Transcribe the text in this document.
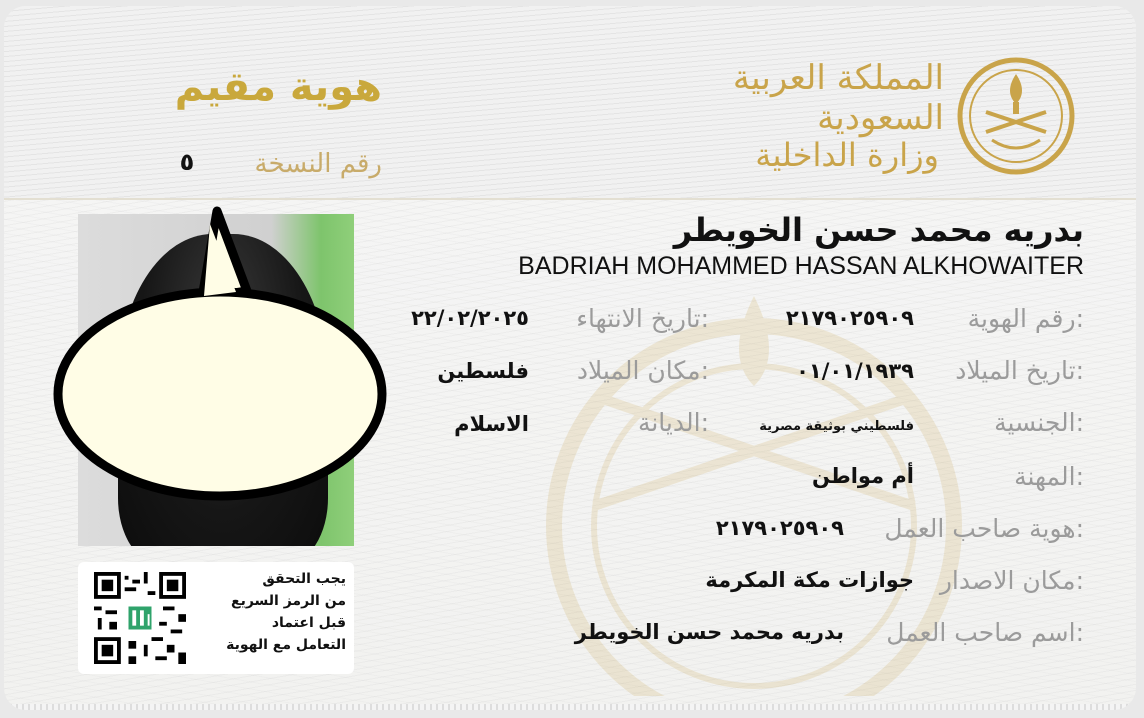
هوية مقيم
رقم النسخة
٥
المملكة العربية السعودية
وزارة الداخلية
بدريه محمد حسن الخويطر
BADRIAH MOHAMMED HASSAN ALKHOWAITER
رقم الهوية:
٢١٧٩٠٢٥٩٠٩
تاريخ الميلاد:
٠١/٠١/١٩٣٩
الجنسية:
فلسطيني بوثيقة مصرية
المهنة:
أم مواطن
هوية صاحب العمل:
٢١٧٩٠٢٥٩٠٩
مكان الاصدار:
جوازات مكة المكرمة
اسم صاحب العمل:
بدريه محمد حسن الخويطر
تاريخ الانتهاء:
٢٢/٠٢/٢٠٢٥
مكان الميلاد:
فلسطين
الديانة:
الاسلام
يجب التحقق
من الرمز السريع
قبل اعتماد
التعامل مع الهوية
